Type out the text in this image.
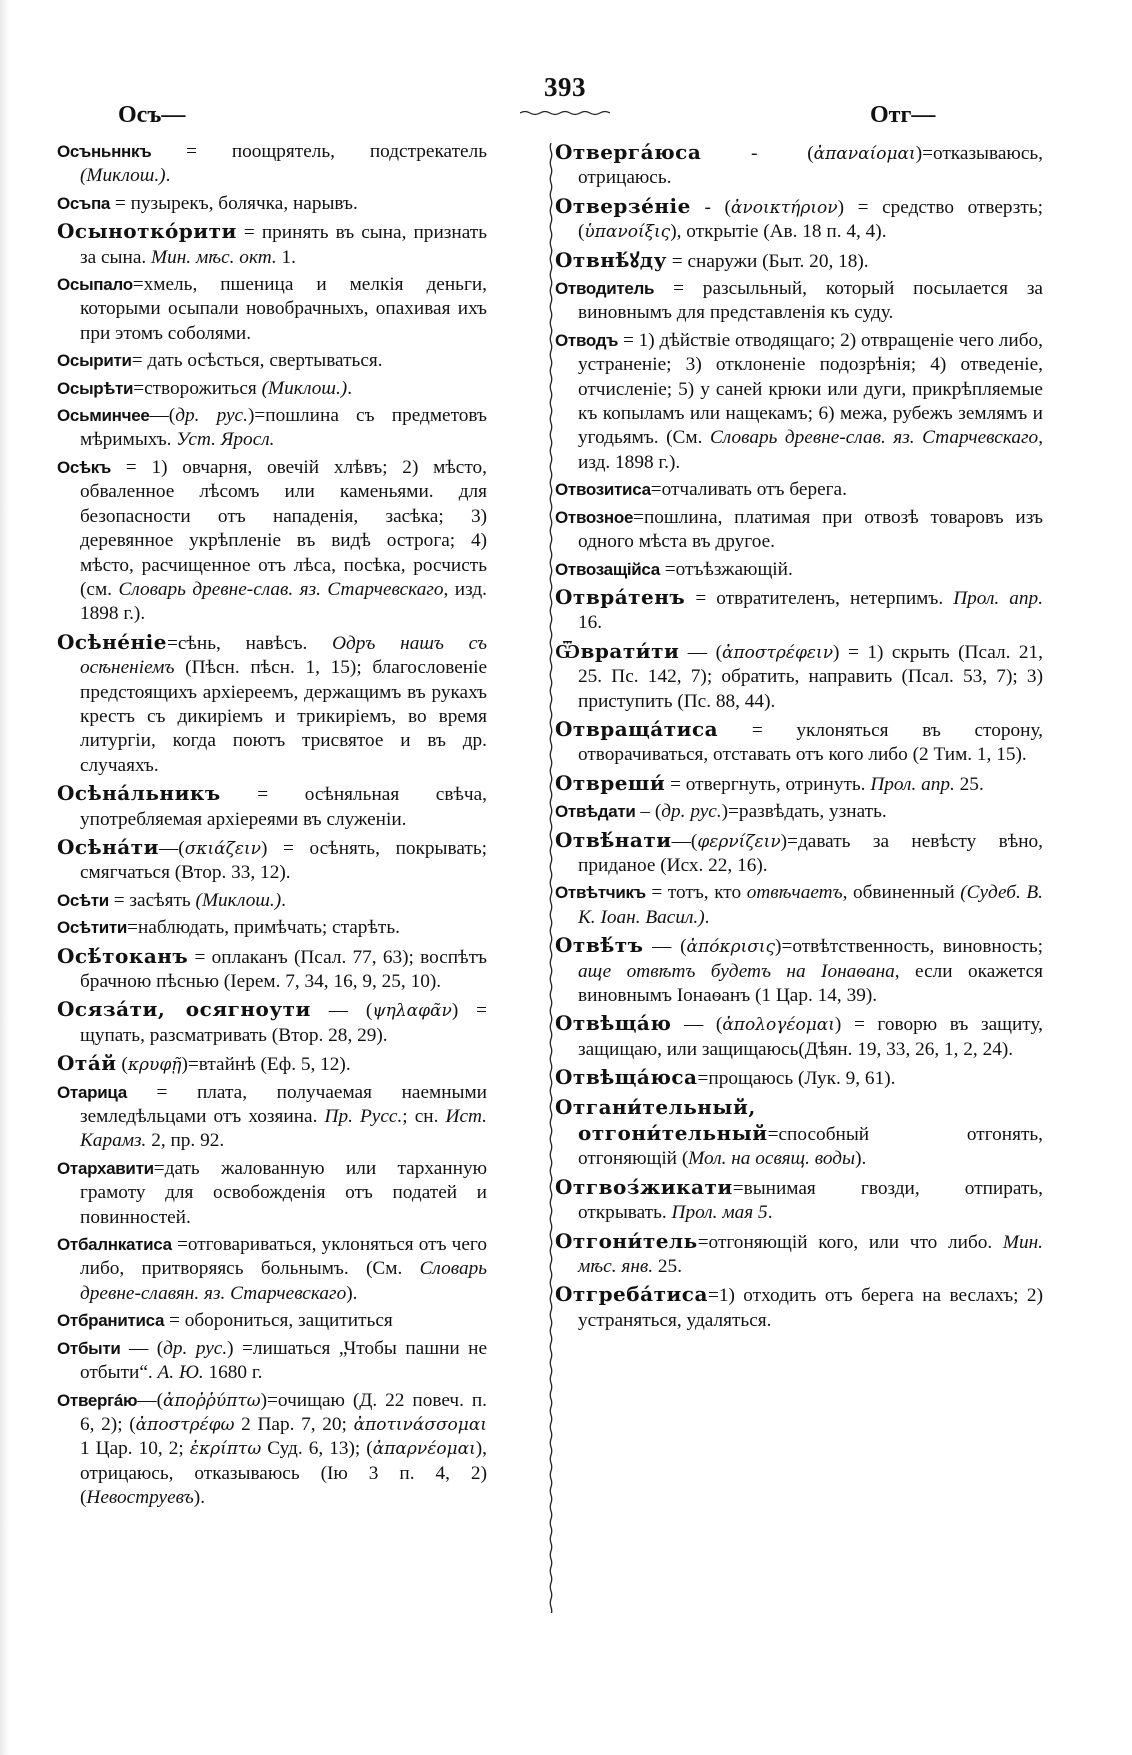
393
Осъ—	Отг—

Осъньннкъ = поощрятель, подстрекатель (Миклош.).

Осъпа = пузырекъ, болячка, нарывъ.

Осынотко́рити = принять въ сына, признать за сына. Мин. мѣс. окт. 1.

Осыпало=хмель, пшеница и мелкія деньги, которыми осыпали новобрачныхъ, опахивая ихъ при этомъ соболями.

Осырити= дать осѣсться, свертываться.

Осырѣти=створожиться (Миклош.).

Осьминчее—(др. рус.)=пошлина съ предметовъ мѣримыхъ. Уст. Яросл.

Осѣкъ = 1) овчарня, овечій хлѣвъ; 2) мѣсто, обваленное лѣсомъ или каменьями. для безопасности отъ нападенія, засѣка; 3) деревянное укрѣпленіе въ видѣ острога; 4) мѣсто, расчищенное отъ лѣса, посѣка, росчисть (см. Словарь древне-слав. яз. Старчевскаго, изд. 1898 г.).

Осѣне́ніе=сѣнь, навѣсъ. Одръ нашъ съ осѣненіемъ (Пѣсн. пѣсн. 1, 15); благословеніе предстоящихъ архіереемъ, держащимъ въ рукахъ крестъ съ дикиріемъ и трикиріемъ, во время литургіи, когда поютъ трисвятое и въ др. случаяхъ.

Осѣна́льникъ = осѣняльная свѣча, употребляемая архіереями въ служеніи.

Осѣна́ти—(σκιάζειν) = осѣнять, покрывать; смягчаться (Втор. 33, 12).

Осѣти = засѣять (Миклош.).

Осѣтити=наблюдать, примѣчать; старѣть.

Осѣ́токанъ = оплаканъ (Псал. 77, 63); воспѣтъ брачною пѣснью (Іерем. 7, 34, 16, 9, 25, 10).

Осяза́ти, осягноути — (ψηλαφᾶν) = щупать, разсматривать (Втор. 28, 29).

Ота́й (κρυφῇ)=втайнѣ (Еф. 5, 12).

Отарица = плата, получаемая наемными земледѣльцами отъ хозяина. Пр. Русс.; сн. Ист. Карамз. 2, пр. 92.

Отархавити=дать жалованную или тарханную грамоту для освобожденія отъ податей и повинностей.

Отбалнкатиса =отговариваться, уклоняться отъ чего либо, притворяясь больнымъ. (См. Словарь древне-славян. яз. Старчевскаго).

Отбранитиса = оборониться, защититься

Отбыти — (др. рус.) =лишаться „Чтобы пашни не отбыти“. А. Ю. 1680 г.

Отвергáю—(ἀποῤῥύπτω)=очищаю (Д. 22 повеч. п. 6, 2); (ἀποστρέφω 2 Пар. 7, 20; ἀποτινάσσομαι 1 Цар. 10, 2; ἐκρίπτω Суд. 6, 13); (ἀπαρνέομαι), отрицаюсь, отказываюсь (Ію 3 п. 4, 2) (Невоструевъ).

Отвергáюса - (ἀπαναίομαι)=отказываюсь, отрицаюсь.

Отверзе́ніе - (ἀνοικτήριον) = средство отверзть; (ὑπανοίξις), открытіе (Ав. 18 п. 4, 4).

Отвнѣ́ꙋду = снаружи (Быт. 20, 18).

Отводитель = разсыльный, который посылается за виновнымъ для представленія къ суду.

Отводъ = 1) дѣйствіе отводящаго; 2) отвращеніе чего либо, устраненіе; 3) отклоненіе подозрѣнія; 4) отведеніе, отчисленіе; 5) у саней крюки или дуги, прикрѣпляемые къ копыламъ или нащекамъ; 6) межа, рубежъ землямъ и угодьямъ. (См. Словарь древне-слав. яз. Старчевскаго, изд. 1898 г.).

Отвозитиса=отчаливать отъ берега.

Отвозное=пошлина, платимая при отвозѣ товаровъ изъ одного мѣста въ другое.

Отвозащійса =отъѣзжающій.

Отвра́тенъ = отвратителенъ, нетерпимъ. Прол. апр. 16.

Ѿврати́ти — (ἀποστρέφειν) = 1) скрыть (Псал. 21, 25. Пс. 142, 7); обратить, направить (Псал. 53, 7); 3) приступить (Пс. 88, 44).

Отвраща́тиса = уклоняться въ сторону, отворачиваться, отставать отъ кого либо (2 Тим. 1, 15).

Отвреши́ = отвергнуть, отринуть. Прол. апр. 25.

Отвѣдати – (др. рус.)=развѣдать, узнать.

Отвѣ́нати—(φερνίζειν)=давать за невѣсту вѣно, приданое (Исх. 22, 16).

Отвѣтчикъ = тотъ, кто отвѣчаетъ, обвиненный (Судеб. В. К. Іоан. Васил.).

Отвѣ́тъ — (ἀπόκρισις)=отвѣтственность, виновность; аще отвѣтъ будетъ на Іонаѳана, если окажется виновнымъ Іонаѳанъ (1 Цар. 14, 39).

Отвѣща́ю — (ἀπολογέομαι) = говорю въ защиту, защищаю, или защищаюсь(Дѣян. 19, 33, 26, 1, 2, 24).

Отвѣща́юса=прощаюсь (Лук. 9, 61).

Отгани́тельный, отгони́тельный=способный отгонять, отгоняющій (Мол. на освящ. воды).

Отгвоз́жикати=вынимая гвозди, отпирать, открывать. Прол. мая 5.

Отгони́тель=отгоняющій кого, или что либо. Мин. мѣс. янв. 25.

Отгреба́тиса=1) отходить отъ берега на веслахъ; 2) устраняться, удаляться.
